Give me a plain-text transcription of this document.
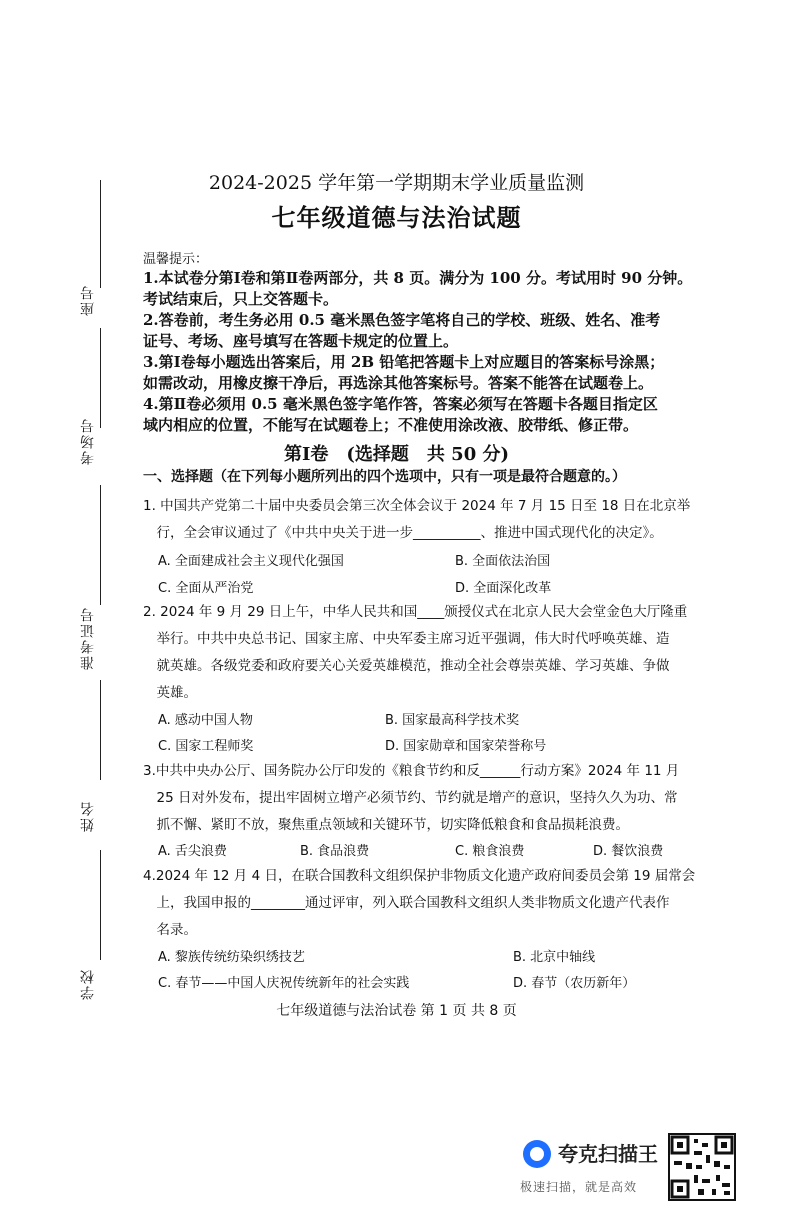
座号
考场号
准考证号
姓名
学校
2024-2025 学年第一学期期末学业质量监测
七年级道德与法治试题
温馨提示：
1.本试卷分第Ⅰ卷和第Ⅱ卷两部分，共 8 页。满分为 100 分。考试用时 90 分钟。
考试结束后，只上交答题卡。
2.答卷前，考生务必用 0.5 毫米黑色签字笔将自己的学校、班级、姓名、准考
证号、考场、座号填写在答题卡规定的位置上。
3.第Ⅰ卷每小题选出答案后，用 2B 铅笔把答题卡上对应题目的答案标号涂黑；
如需改动，用橡皮擦干净后，再选涂其他答案标号。答案不能答在试题卷上。
4.第Ⅱ卷必须用 0.5 毫米黑色签字笔作答，答案必须写在答题卡各题目指定区
域内相应的位置，不能写在试题卷上；不准使用涂改液、胶带纸、修正带。
第Ⅰ卷　(选择题　共 50 分)
一、选择题（在下列每小题所列出的四个选项中，只有一项是最符合题意的。）
1. 中国共产党第二十届中央委员会第三次全体会议于 2024 年 7 月 15 日至 18 日在北京举
　行，全会审议通过了《中共中央关于进一步__________、推进中国式现代化的决定》。
A. 全面建成社会主义现代化强国	B. 全面依法治国
C. 全面从严治党	D. 全面深化改革
2. 2024 年 9 月 29 日上午，中华人民共和国____颁授仪式在北京人民大会堂金色大厅隆重
　举行。中共中央总书记、国家主席、中央军委主席习近平强调，伟大时代呼唤英雄、造
　就英雄。各级党委和政府要关心关爱英雄模范，推动全社会尊崇英雄、学习英雄、争做
　英雄。
A. 感动中国人物	B. 国家最高科学技术奖
C. 国家工程师奖	D. 国家勋章和国家荣誉称号
3.中共中央办公厅、国务院办公厅印发的《粮食节约和反______行动方案》2024 年 11 月
　25 日对外发布，提出牢固树立增产必须节约、节约就是增产的意识，坚持久久为功、常
　抓不懈、紧盯不放，聚焦重点领域和关键环节，切实降低粮食和食品损耗浪费。
A. 舌尖浪费	B. 食品浪费	C. 粮食浪费	D. 餐饮浪费
4.2024 年 12 月 4 日，在联合国教科文组织保护非物质文化遗产政府间委员会第 19 届常会
　上，我国申报的________通过评审，列入联合国教科文组织人类非物质文化遗产代表作
　名录。
A. 黎族传统纺染织绣技艺	B. 北京中轴线
C. 春节——中国人庆祝传统新年的社会实践	D. 春节（农历新年）
七年级道德与法治试卷 第 1 页 共 8 页
夸克扫描王
极速扫描，就是高效
